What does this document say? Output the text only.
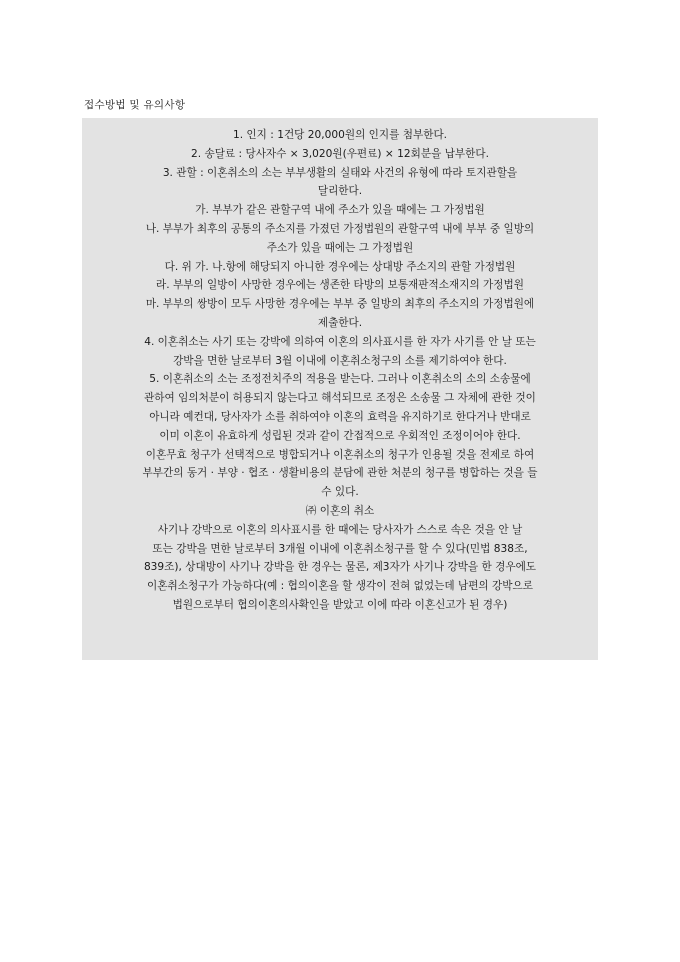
접수방법 및 유의사항
1. 인지 : 1건당 20,000원의 인지를 첨부한다.
2. 송달료 : 당사자수 × 3,020원(우편료) × 12회분을 납부한다.
3. 관할 : 이혼취소의 소는 부부생활의 실태와 사건의 유형에 따라 토지관할을
달리한다.
가. 부부가 같은 관할구역 내에 주소가 있을 때에는 그 가정법원
나. 부부가 최후의 공통의 주소지를 가졌던 가정법원의 관할구역 내에 부부 중 일방의
주소가 있을 때에는 그 가정법원
다. 위 가. 나.항에 해당되지 아니한 경우에는 상대방 주소지의 관할 가정법원
라. 부부의 일방이 사망한 경우에는 생존한 타방의 보통재판적소재지의 가정법원
마. 부부의 쌍방이 모두 사망한 경우에는 부부 중 일방의 최후의 주소지의 가정법원에
제출한다.
4. 이혼취소는 사기 또는 강박에 의하여 이혼의 의사표시를 한 자가 사기를 안 날 또는
강박을 면한 날로부터 3월 이내에 이혼취소청구의 소를 제기하여야 한다.
5. 이혼취소의 소는 조정전치주의 적용을 받는다. 그러나 이혼취소의 소의 소송물에
관하여 임의처분이 허용되지 않는다고 해석되므로 조정은 소송물 그 자체에 관한 것이
아니라 예컨대, 당사자가 소를 취하여야 이혼의 효력을 유지하기로 한다거나 반대로
이미 이혼이 유효하게 성립된 것과 같이 간접적으로 우회적인 조정이어야 한다.
이혼무효 청구가 선택적으로 병합되거나 이혼취소의 청구가 인용될 것을 전제로 하여
부부간의 동거 · 부양 · 협조 · 생활비용의 분담에 관한 처분의 청구를 병합하는 것을 들
수 있다.
㈜ 이혼의 취소
사기나 강박으로 이혼의 의사표시를 한 때에는 당사자가 스스로 속은 것을 안 날
또는 강박을 면한 날로부터 3개월 이내에 이혼취소청구를 할 수 있다(민법 838조,
839조), 상대방이 사기나 강박을 한 경우는 물론, 제3자가 사기나 강박을 한 경우에도
이혼취소청구가 가능하다(예 : 협의이혼을 할 생각이 전혀 없었는데 남편의 강박으로
법원으로부터 협의이혼의사확인을 받았고 이에 따라 이혼신고가 된 경우)
